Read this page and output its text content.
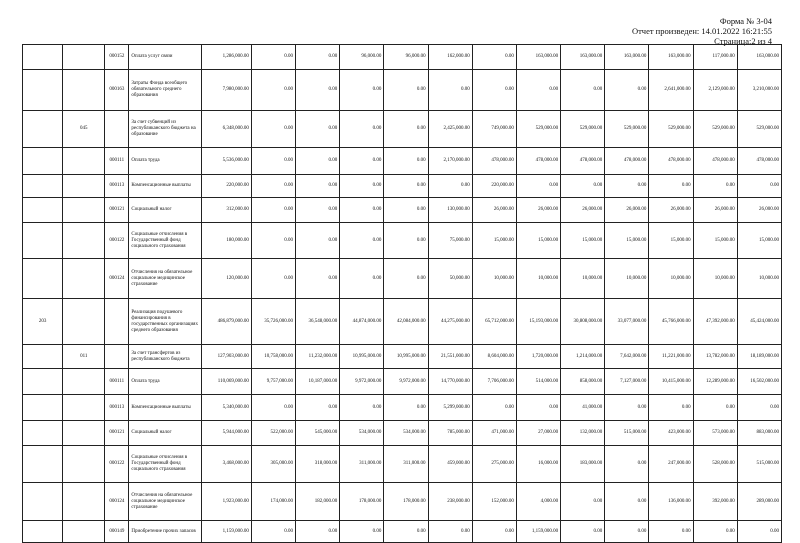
Форма № 3-04
Отчет произведен: 14.01.2022 16:21:55
Страница:2 из 4
		000152	Оплата услуг связи	1,286,000.00	0.00	0.00	96,000.00	96,000.00	162,000.00	0.00	163,000.00	163,000.00	163,000.00	163,000.00	117,000.00	163,000.00
		000163	Затраты Фонда всеобщего обязательного среднего образования	7,980,000.00	0.00	0.00	0.00	0.00	0.00	0.00	0.00	0.00	0.00	2,641,000.00	2,129,000.00	3,210,000.00
	045		За счет субвенций из республиканского бюджета на образование	6,348,000.00	0.00	0.00	0.00	0.00	2,425,000.00	749,000.00	529,000.00	529,000.00	529,000.00	529,000.00	529,000.00	529,000.00
		000111	Оплата труда	5,536,000.00	0.00	0.00	0.00	0.00	2,170,000.00	478,000.00	478,000.00	478,000.00	478,000.00	478,000.00	478,000.00	478,000.00
		000113	Компенсационные выплаты	220,000.00	0.00	0.00	0.00	0.00	0.00	220,000.00	0.00	0.00	0.00	0.00	0.00	0.00
		000121	Социальный налог	312,000.00	0.00	0.00	0.00	0.00	130,000.00	26,000.00	26,000.00	26,000.00	26,000.00	26,000.00	26,000.00	26,000.00
		000122	Социальные отчисления в Государственный фонд социального страхования	180,000.00	0.00	0.00	0.00	0.00	75,000.00	15,000.00	15,000.00	15,000.00	15,000.00	15,000.00	15,000.00	15,000.00
		000124	Отчисления на обязательное социальное медицинское страхование	120,000.00	0.00	0.00	0.00	0.00	50,000.00	10,000.00	10,000.00	10,000.00	10,000.00	10,000.00	10,000.00	10,000.00
203			Реализация подушевого финансирования в государственных организациях среднего образования	486,879,000.00	35,726,000.00	36,548,000.00	44,874,000.00	42,084,000.00	44,275,000.00	65,712,000.00	15,193,000.00	30,808,000.00	33,077,000.00	45,766,000.00	47,392,000.00	45,424,000.00
	011		За счет трансфертов из республиканского бюджета	127,903,000.00	10,758,000.00	11,232,000.00	10,995,000.00	10,995,000.00	21,551,000.00	8,604,000.00	1,720,000.00	1,214,000.00	7,642,000.00	11,221,000.00	13,782,000.00	18,189,000.00
		000111	Оплата труда	110,069,000.00	9,757,000.00	10,187,000.00	9,972,000.00	9,972,000.00	14,770,000.00	7,706,000.00	514,000.00	858,000.00	7,127,000.00	10,415,000.00	12,289,000.00	16,502,000.00
		000113	Компенсационные выплаты	5,340,000.00	0.00	0.00	0.00	0.00	5,299,000.00	0.00	0.00	41,000.00	0.00	0.00	0.00	0.00
		000121	Социальный налог	5,944,000.00	522,000.00	545,000.00	534,000.00	534,000.00	785,000.00	471,000.00	27,000.00	132,000.00	515,000.00	423,000.00	573,000.00	883,000.00
		000122	Социальные отчисления в Государственный фонд социального страхования	3,468,000.00	305,000.00	318,000.00	311,000.00	311,000.00	459,000.00	275,000.00	16,000.00	183,000.00	0.00	247,000.00	528,000.00	515,000.00
		000124	Отчисления на обязательное социальное медицинское страхование	1,923,000.00	174,000.00	182,000.00	178,000.00	178,000.00	238,000.00	152,000.00	4,000.00	0.00	0.00	136,000.00	392,000.00	289,000.00
		000149	Приобретение прочих запасов	1,159,000.00	0.00	0.00	0.00	0.00	0.00	0.00	1,159,000.00	0.00	0.00	0.00	0.00	0.00
